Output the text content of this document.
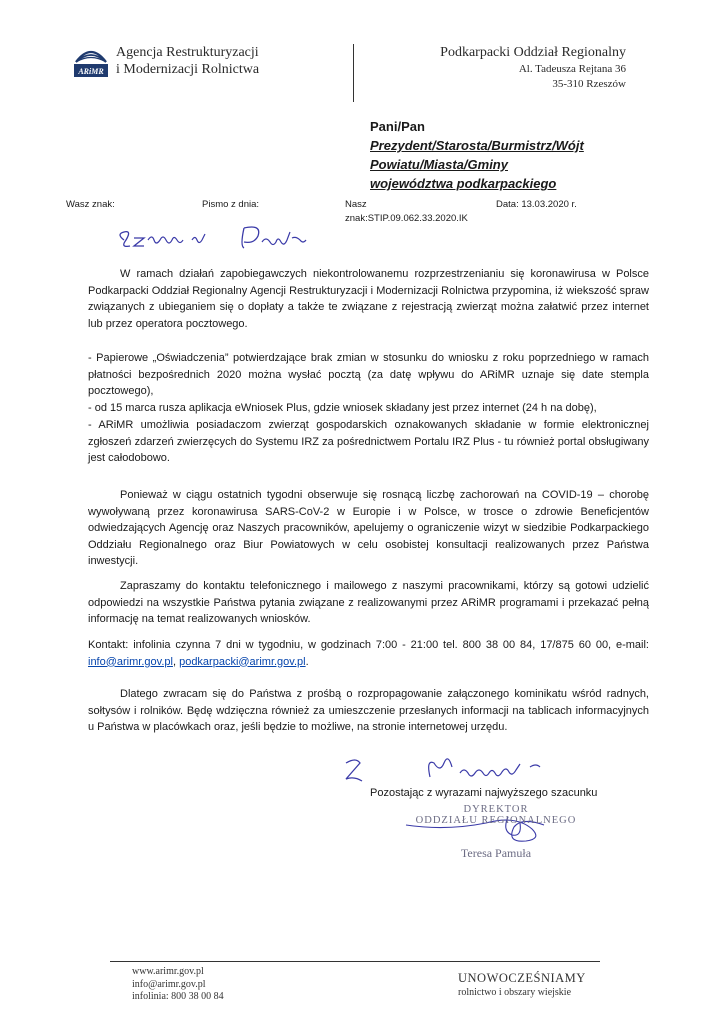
ARiMR
Agencja Restrukturyzacji
i Modernizacji Rolnictwa
Podkarpacki Oddział Regionalny
Al. Tadeusza Rejtana 36
35-310 Rzeszów
Pani/Pan
Prezydent/Starosta/Burmistrz/Wójt
Powiatu/Miasta/Gminy
województwa podkarpackiego
Wasz znak:	Pismo z dnia:	Nasz
znak:STIP.09.062.33.2020.IK
Data: 13.03.2020 r.
W ramach działań zapobiegawczych niekontrolowanemu rozprzestrzenianiu się koronawirusa w Polsce Podkarpacki Oddział Regionalny Agencji Restrukturyzacji i Modernizacji Rolnictwa przypomina, iż wiekszość spraw związanych z ubieganiem się o dopłaty a także te związane z rejestracją zwierząt można załatwić przez internet lub przez operatora pocztowego.
- Papierowe „Oświadczenia” potwierdzające brak zmian w stosunku do wniosku z roku poprzedniego w ramach płatności bezpośrednich 2020 można wysłać pocztą (za datę wpływu do ARiMR uznaje się date stempla pocztowego),
- od 15 marca rusza aplikacja eWniosek Plus, gdzie wniosek składany jest przez internet (24 h na dobę),
- ARiMR umożliwia posiadaczom zwierząt gospodarskich oznakowanych składanie w formie elektronicznej zgłoszeń zdarzeń zwierzęcych do Systemu IRZ za pośrednictwem Portalu IRZ Plus - tu również portal obsługiwany jest całodobowo.
Ponieważ w ciągu ostatnich tygodni obserwuje się rosnącą liczbę zachorowań na COVID-19 – chorobę wywoływaną przez koronawirusa SARS-CoV-2 w Europie i w Polsce, w trosce o zdrowie Beneficjentów odwiedzających Agencję oraz Naszych pracowników, apelujemy o ograniczenie wizyt w siedzibie Podkarpackiego Oddziału Regionalnego oraz Biur Powiatowych w celu osobistej konsultacji realizowanych przez Państwa inwestycji.
Zapraszamy do kontaktu telefonicznego i mailowego z naszymi pracownikami, którzy są gotowi udzielić odpowiedzi na wszystkie Państwa pytania związane z realizowanymi przez ARiMR programami i przekazać pełną informację na temat realizowanych wniosków.
Kontakt: infolinia czynna 7 dni w tygodniu, w godzinach 7:00 - 21:00 tel. 800 38 00 84, 17/875 60 00, e-mail: info@arimr.gov.pl, podkarpacki@arimr.gov.pl.
Dlatego zwracam się do Państwa z prośbą o rozpropagowanie załączonego kominikatu wśród radnych, sołtysów i rolników. Będę wdzięczna również za umieszczenie przesłanych informacji na tablicach informacyjnych u Państwa w placówkach oraz, jeśli będzie to możliwe, na stronie internetowej urzędu.
Pozostając z wyrazami najwyższego szacunku
DYREKTOR
ODDZIAŁU REGIONALNEGO
Teresa Pamuła
www.arimr.gov.pl
info@arimr.gov.pl
infolinia: 800 38 00 84
UNOWOCZEŚNIAMY
rolnictwo i obszary wiejskie
